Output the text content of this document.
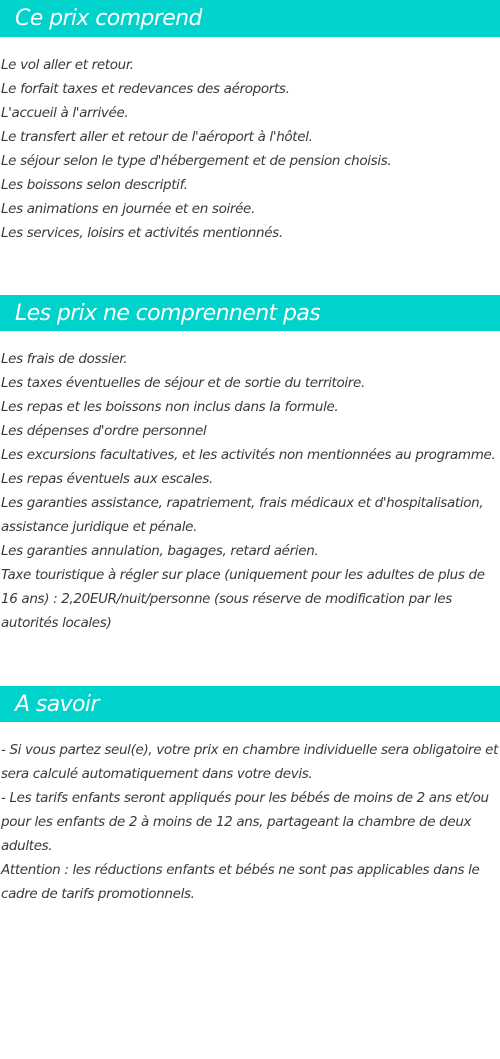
Ce prix comprend

Le vol aller et retour.

Le forfait taxes et redevances des aéroports.

L'accueil à l'arrivée.

Le transfert aller et retour de l'aéroport à l'hôtel.

Le séjour selon le type d'hébergement et de pension choisis.

Les boissons selon descriptif.

Les animations en journée et en soirée.

Les services, loisirs et activités mentionnés.

Les prix ne comprennent pas

Les frais de dossier.

Les taxes éventuelles de séjour et de sortie du territoire.

Les repas et les boissons non inclus dans la formule.

Les dépenses d'ordre personnel

Les excursions facultatives, et les activités non mentionnées au programme.

Les repas éventuels aux escales.

Les garanties assistance, rapatriement, frais médicaux et d'hospitalisation, assistance juridique et pénale.

Les garanties annulation, bagages, retard aérien.

Taxe touristique à régler sur place (uniquement pour les adultes de plus de 16 ans) : 2,20EUR/nuit/personne (sous réserve de modification par les autorités locales)

A savoir

- Si vous partez seul(e), votre prix en chambre individuelle sera obligatoire et sera calculé automatiquement dans votre devis.

- Les tarifs enfants seront appliqués pour les bébés de moins de 2 ans et/ou pour les enfants de 2 à moins de 12 ans, partageant la chambre de deux adultes.

Attention : les réductions enfants et bébés ne sont pas applicables dans le cadre de tarifs promotionnels.
